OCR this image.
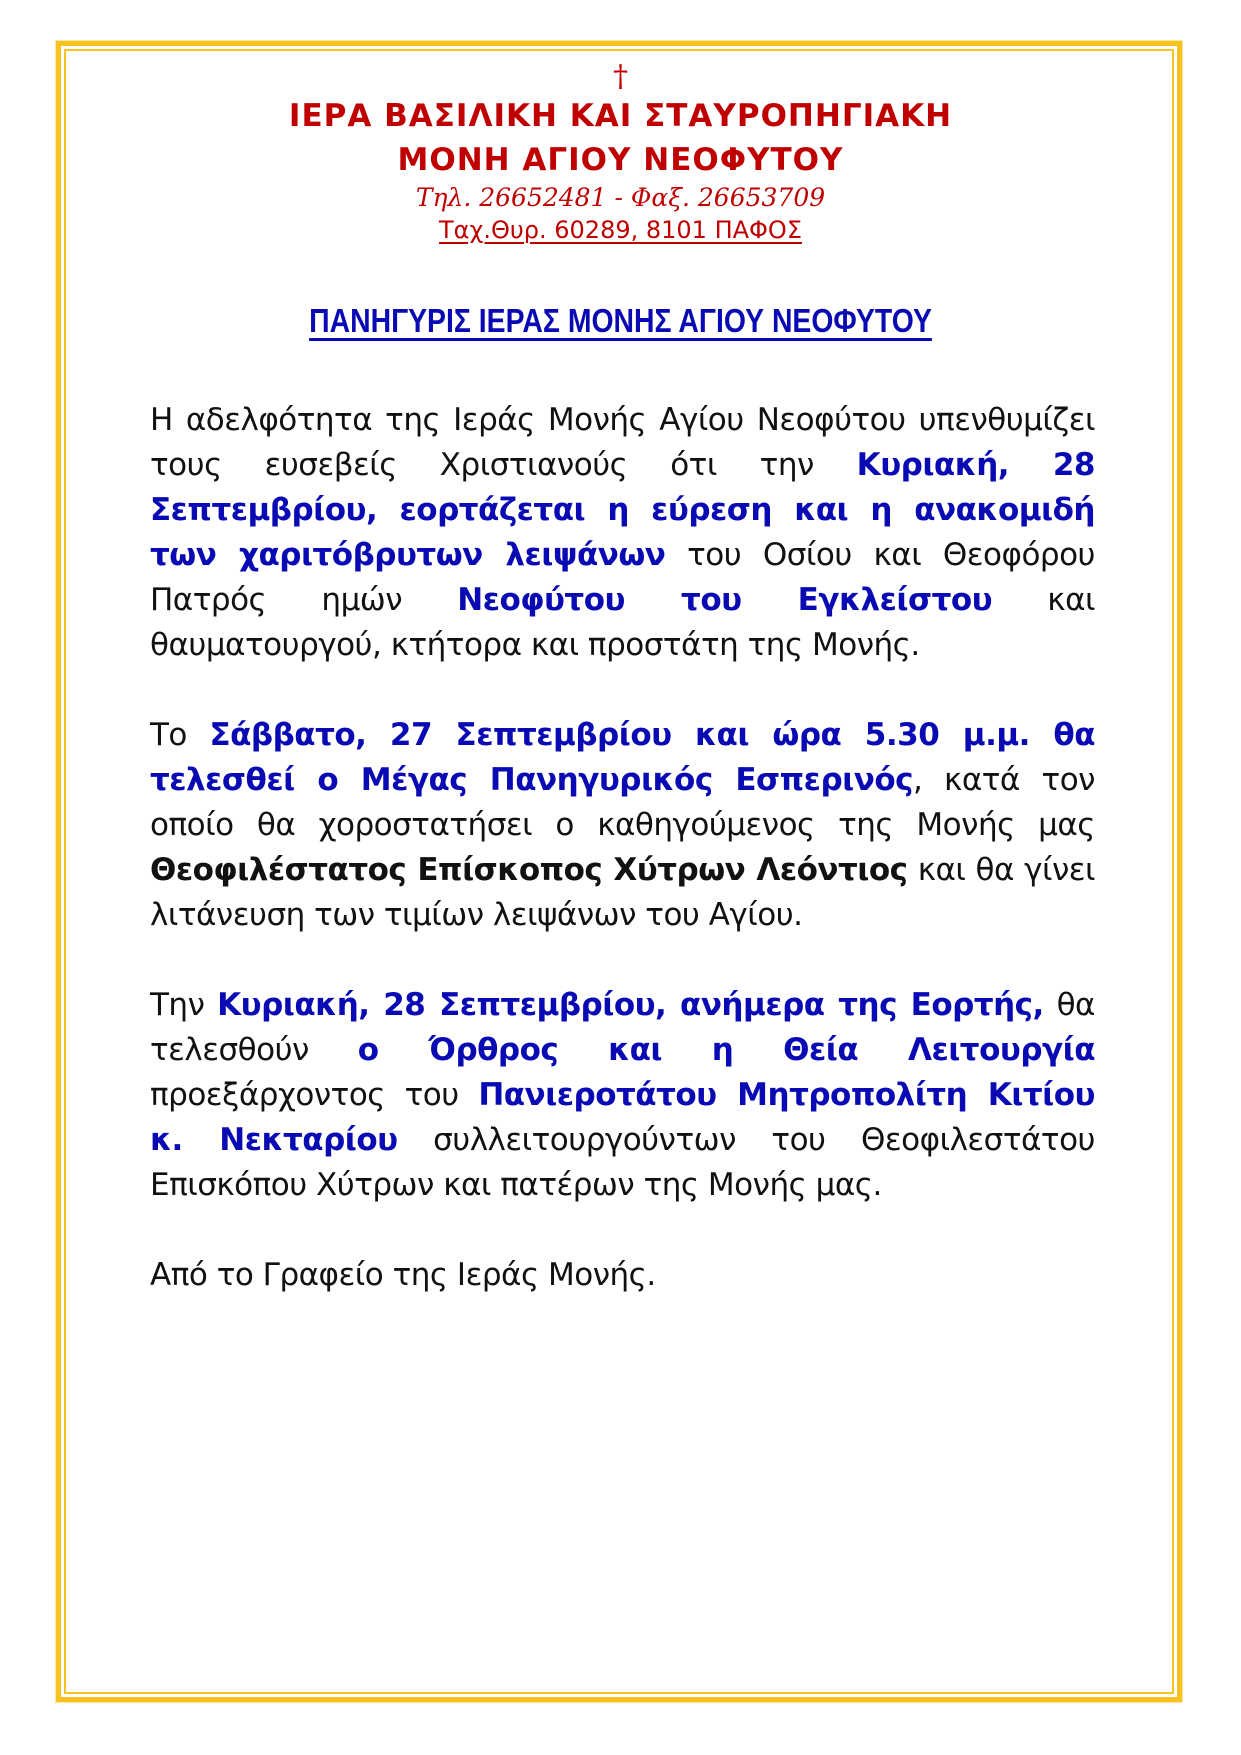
†
ΙΕΡΑ ΒΑΣΙΛΙΚΗ ΚΑΙ ΣΤΑΥΡΟΠΗΓΙΑΚΗ
ΜΟΝΗ ΑΓΙΟΥ ΝΕΟΦΥΤΟΥ
Τηλ. 26652481 - Φαξ. 26653709
Ταχ.Θυρ. 60289, 8101 ΠΑΦΟΣ
ΠΑΝΗΓΥΡΙΣ ΙΕΡΑΣ ΜΟΝΗΣ ΑΓΙΟΥ ΝΕΟΦΥΤΟΥ

Η αδελφότητα της Ιεράς Μονής Αγίου Νεοφύτου υπενθυμίζει τους ευσεβείς Χριστιανούς ότι την Κυριακή, 28 Σεπτεμβρίου, εορτάζεται η εύρεση και η ανακομιδή των χαριτόβρυτων λειψάνων του Οσίου και Θεοφόρου Πατρός ημών Νεοφύτου του Εγκλείστου και θαυματουργού, κτήτορα και προστάτη της Μονής.

Το Σάββατο, 27 Σεπτεμβρίου και ώρα 5.30 μ.μ. θα τελεσθεί ο Μέγας Πανηγυρικός Εσπερινός, κατά τον οποίο θα χοροστατήσει ο καθηγούμενος της Μονής μας Θεοφιλέστατος Επίσκοπος Χύτρων Λεόντιος και θα γίνει λιτάνευση των τιμίων λειψάνων του Αγίου.

Την Κυριακή, 28 Σεπτεμβρίου, ανήμερα της Εορτής, θα τελεσθούν ο Όρθρος και η Θεία Λειτουργία προεξάρχοντος του Πανιεροτάτου Μητροπολίτη Κιτίου κ. Νεκταρίου συλλειτουργούντων του Θεοφιλεστάτου Επισκόπου Χύτρων και πατέρων της Μονής μας.

Από το Γραφείο της Ιεράς Μονής.
